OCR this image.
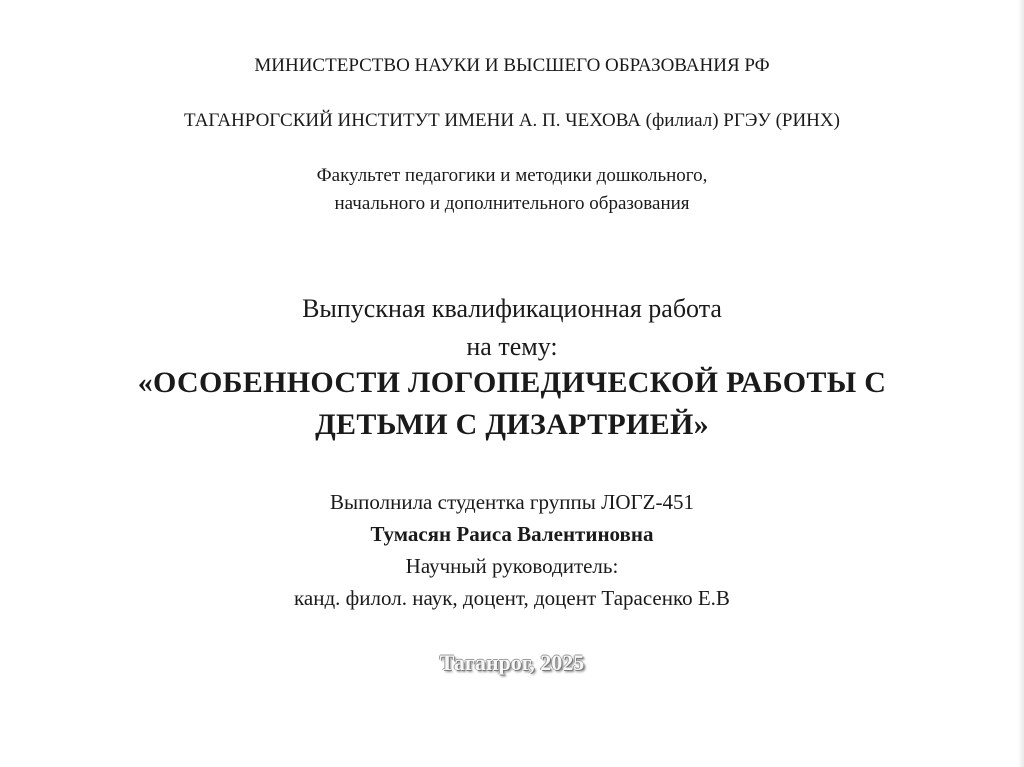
МИНИСТЕРСТВО НАУКИ И ВЫСШЕГО ОБРАЗОВАНИЯ РФ
ТАГАНРОГСКИЙ ИНСТИТУТ ИМЕНИ А. П. ЧЕХОВА (филиал) РГЭУ (РИНХ)
Факультет педагогики и методики дошкольного,
начального и дополнительного образования
Выпускная квалификационная работа
на тему:
«ОСОБЕННОСТИ ЛОГОПЕДИЧЕСКОЙ РАБОТЫ С
ДЕТЬМИ С ДИЗАРТРИЕЙ»
Выполнила студентка группы ЛОГZ-451
Тумасян Раиса Валентиновна
Научный руководитель:
канд. филол. наук, доцент, доцент Тарасенко Е.В
Таганрог, 2025
